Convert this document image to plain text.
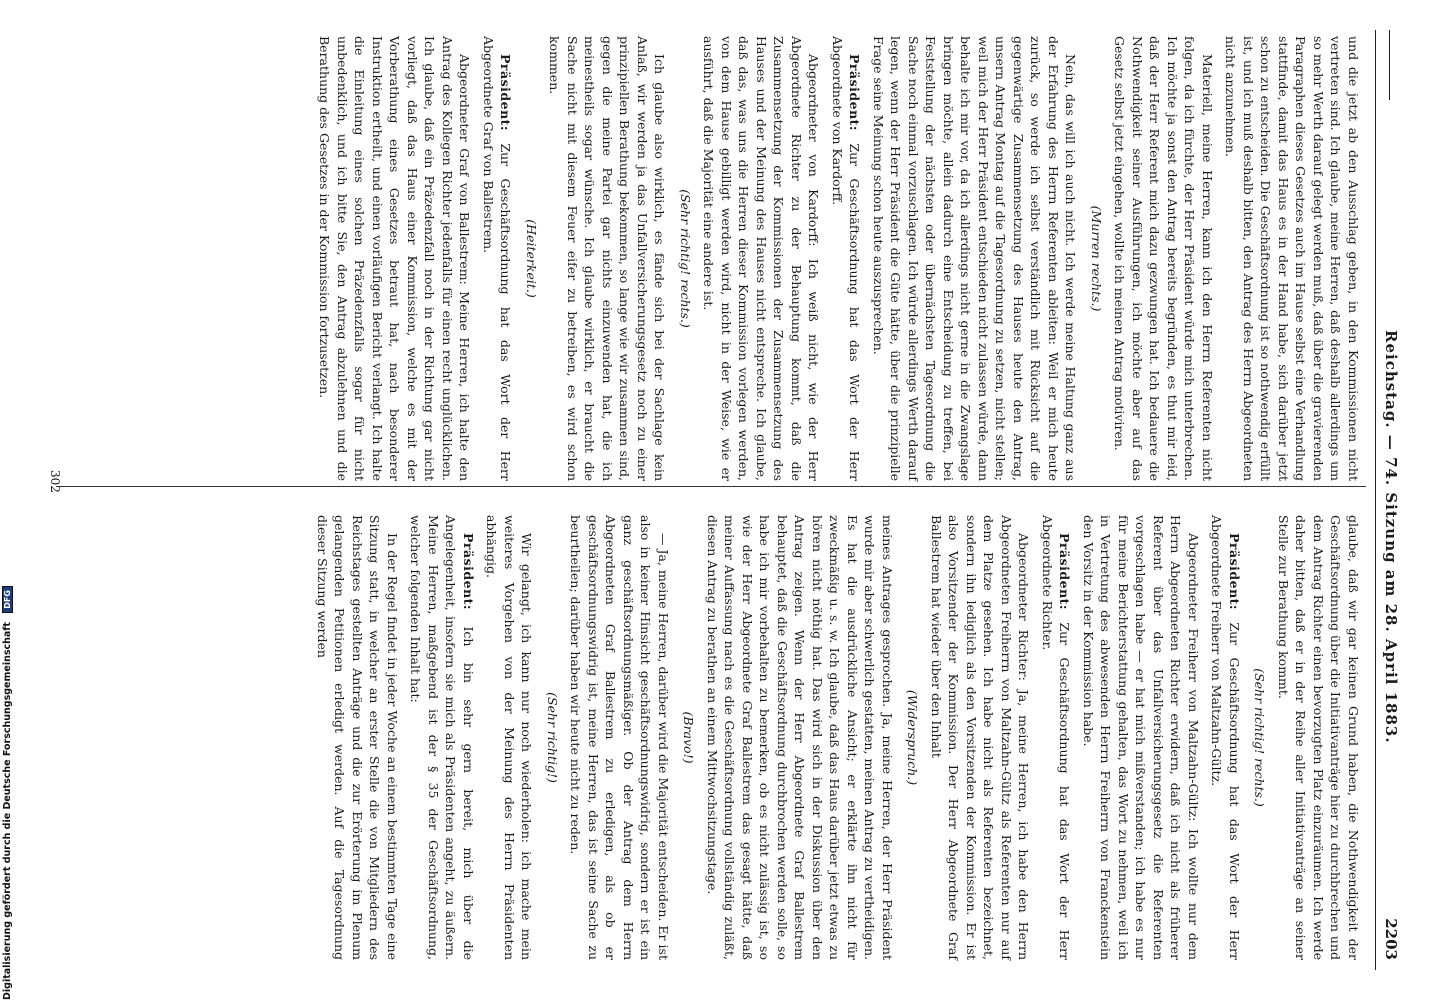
Reichstag. — 74. Sitzung am 28. April 1883.
2203

und die jetzt ab den Ausschlag geben, in den Kommissionen nicht vertreten sind. Ich glaube, meine Herren, daß deshalb allerdings um so mehr Werth darauf gelegt werden muß, daß über die gravierenden Paragraphen dieses Gesetzes auch im Hause selbst eine Verhandlung stattfinde, damit das Haus es in der Hand habe, sich darüber jetzt schon zu entscheiden. Die Geschäftsordnung ist so nothwendig erfüllt ist, und ich muß deshalb bitten, den Antrag des Herrn Abgeordneten nicht anzunehmen.

Materiell, meine Herren, kann ich den Herrn Referenten nicht folgen, da ich fürchte, der Herr Präsident würde mich unterbrechen. Ich möchte ja sonst den Antrag bereits begründen, es thut mir leid, daß der Herr Referent mich dazu gezwungen hat. Ich bedauere die Nothwendigkeit seiner Ausführungen, ich möchte aber auf das Gesetz selbst jetzt eingehen, wollte ich meinen Antrag motiviren.

(Murren rechts.)

Nein, das will ich auch nicht. Ich werde meine Haltung ganz aus der Erfahrung des Herrn Referenten ableiten: Weil er mich heute zurück, so werde ich selbst verständlich mit Rücksicht auf die gegenwärtige Zusammensetzung des Hauses heute den Antrag, unsern Antrag Montag auf die Tagesordnung zu setzen, nicht stellen; weil mich der Herr Präsident entschieden nicht zulassen würde, dann behalte ich mir vor, da ich allerdings nicht gerne in die Zwangslage bringen möchte, allein dadurch eine Entscheidung zu treffen, bei Feststellung der nächsten oder übernächsten Tagesordnung die Sache noch einmal vorzuschlagen. Ich würde allerdings Werth darauf legen, wenn der Herr Präsident die Güte hätte, über die prinzipielle Frage seine Meinung schon heute auszusprechen.

Präsident: Zur Geschäftsordnung hat das Wort der Herr Abgeordnete von Kardorff.

Abgeordneter von Kardorff: Ich weiß nicht, wie der Herr Abgeordnete Richter zu der Behauptung kommt, daß die Zusammensetzung der Kommissionen der Zusammensetzung des Hauses und der Meinung des Hauses nicht entspreche. Ich glaube, daß das, was uns die Herren dieser Kommission vorlegen werden, von dem Hause gebilligt werden wird, nicht in der Weise, wie er ausführt, daß die Majorität eine andere ist.

(Sehr richtig! rechts.)

Ich glaube also wirklich, es fände sich bei der Sachlage kein Anlaß, wir werden ja das Unfallversicherungsgesetz noch zu einer prinzipiellen Berathung bekommen, so lange wie wir zusammen sind, gegen die meine Partei gar nichts einzuwenden hat, die ich meinestheils sogar wünsche. Ich glaube wirklich, er braucht die Sache nicht mit diesem Feuer eifer zu betreiben, es wird schon kommen.

(Heiterkeit.)

Präsident: Zur Geschäftsordnung hat das Wort der Herr Abgeordnete Graf von Ballestrem.

Abgeordneter Graf von Ballestrem: Meine Herren, ich halte den Antrag des Kollegen Richter jedenfalls für einen recht unglücklichen. Ich glaube, daß ein Präzedenzfall noch in der Richtung gar nicht vorliegt, daß das Haus einer Kommission, welche es mit der Vorberathung eines Gesetzes betraut hat, nach besonderer Instruktion ertheilt, und einen vorläufigen Bericht verlangt. Ich halte die Einleitung eines solchen Präzedenzfalls sogar für nicht unbedenklich, und ich bitte Sie, den Antrag abzulehnen und die Berathung des Gesetzes in der Kommission fortzusetzen.

glaube, daß wir gar keinen Grund haben, die Nothwendigkeit der Geschäftsordnung über die Initiativanträge hier zu durchbrechen und dem Antrag Richter einen bevorzugten Platz einzuräumen. Ich werde daher bitten, daß er in der Reihe aller Initiativanträge an seiner Stelle zur Berathung kommt.

(Sehr richtig! rechts.)

Präsident: Zur Geschäftsordnung hat das Wort der Herr Abgeordnete Freiherr von Maltzahn-Gültz.

Abgeordneter Freiherr von Maltzahn-Gültz: Ich wollte nur dem Herrn Abgeordneten Richter erwidern, daß ich nicht als früherer Referent über das Unfallversicherungsgesetz die Referenten vorgeschlagen habe — er hat mich mißverstanden; ich habe es nur für meine Berichterstattung gehalten, das Wort zu nehmen, weil ich in Vertretung des abwesenden Herrn Freiherrn von Franckenstein den Vorsitz in der Kommission habe.

Präsident: Zur Geschäftsordnung hat das Wort der Herr Abgeordnete Richter.

Abgeordneter Richter: Ja, meine Herren, ich habe den Herrn Abgeordneten Freiherrn von Maltzahn-Gültz als Referenten nur auf dem Platze gesehen. Ich habe nicht als Referenten bezeichnet, sondern ihn lediglich als den Vorsitzenden der Kommission. Er ist also Vorsitzender der Kommission. Der Herr Abgeordnete Graf Ballestrem hat wieder über den Inhalt

(Widerspruch.)

meines Antrages gesprochen. Ja, meine Herren, der Herr Präsident wurde mir aber schwerlich gestatten, meinen Antrag zu vertheidigen. Es hat die ausdrückliche Ansicht; er erklärte ihn nicht für zweckmäßig u. s. w. Ich glaube, daß das Haus darüber jetzt etwas zu hören nicht nöthig hat. Das wird sich in der Diskussion über den Antrag zeigen. Wenn der Herr Abgeordnete Graf Ballestrem behauptet, daß die Geschäftsordnung durchbrochen werden solle, so habe ich mir vorbehalten zu bemerken, ob es nicht zulässig ist, so wie der Herr Abgeordnete Graf Ballestrem das gesagt hätte, daß meiner Auffassung nach es die Geschäftsordnung vollständig zuläßt, diesen Antrag zu berathen an einem Mittwochsitzungstage.

(Bravo!)

— Ja, meine Herren, darüber wird die Majorität entscheiden. Er ist also in keiner Hinsicht geschäftsordnungswidrig, sondern er ist ein ganz geschäftsordnungsmäßiger. Ob der Antrag dem Herrn Abgeordneten Graf Ballestrem zu erledigen, als ob er geschäftsordnungswidrig ist, meine Herren, das ist seine Sache zu beurtheilen; darüber haben wir heute nicht zu reden.

(Sehr richtig!)

Wir gelangt, ich kann nur noch wiederholen: ich mache mein weiteres Vorgehen von der Meinung des Herrn Präsidenten abhängig.

Präsident: Ich bin sehr gern bereit, mich über die Angelegenheit, insofern sie mich als Präsidenten angeht, zu äußern. Meine Herren, maßgebend ist der § 35 der Geschäftsordnung, welcher folgenden Inhalt hat:

In der Regel findet in jeder Woche an einem bestimmten Tage eine Sitzung statt, in welcher an erster Stelle die von Mitgliedern des Reichstages gestellten Anträge und die zur Erörterung im Plenum gelangenden Petitionen erledigt werden. Auf die Tagesordnung dieser Sitzung werden

302
Digitalisierung gefördert durch die Deutsche Forschungsgemeinschaft DFG
